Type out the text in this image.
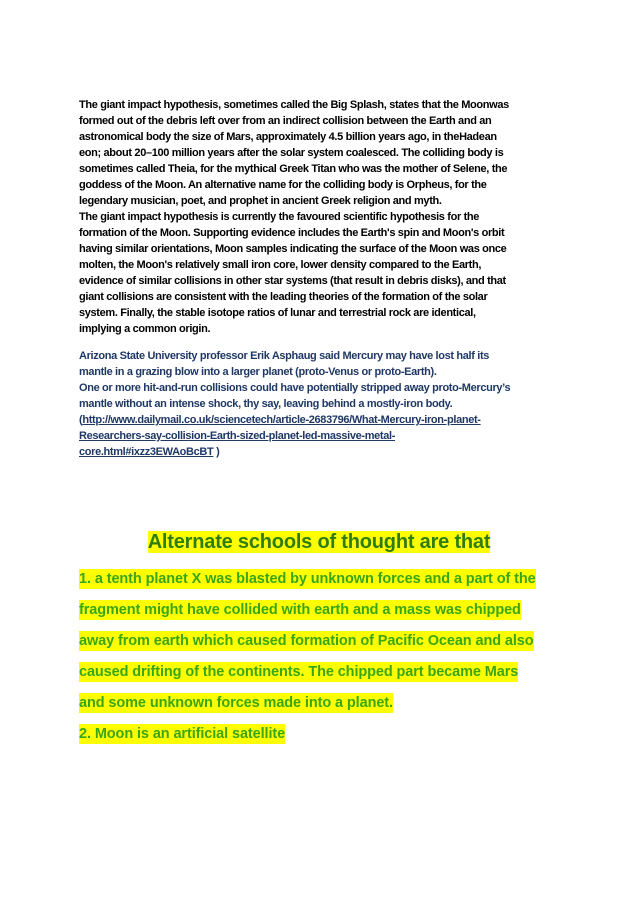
The giant impact hypothesis, sometimes called the Big Splash, states that the Moonwas
formed out of the debris left over from an indirect collision between the Earth and an
astronomical body the size of Mars, approximately 4.5 billion years ago, in theHadean
eon; about 20–100 million years after the solar system coalesced. The colliding body is
sometimes called Theia, for the mythical Greek Titan who was the mother of Selene, the
goddess of the Moon. An alternative name for the colliding body is Orpheus, for the
legendary musician, poet, and prophet in ancient Greek religion and myth.
The giant impact hypothesis is currently the favoured scientific hypothesis for the
formation of the Moon. Supporting evidence includes the Earth's spin and Moon's orbit
having similar orientations, Moon samples indicating the surface of the Moon was once
molten, the Moon's relatively small iron core, lower density compared to the Earth,
evidence of similar collisions in other star systems (that result in debris disks), and that
giant collisions are consistent with the leading theories of the formation of the solar
system. Finally, the stable isotope ratios of lunar and terrestrial rock are identical,
implying a common origin.

Arizona State University professor Erik Asphaug said Mercury may have lost half its
mantle in a grazing blow into a larger planet (proto-Venus or proto-Earth).
One or more hit-and-run collisions could have potentially stripped away proto-Mercury’s
mantle without an intense shock, thy say, leaving behind a mostly-iron body.
(http://www.dailymail.co.uk/sciencetech/article-2683796/What-Mercury-iron-planet-
Researchers-say-collision-Earth-sized-planet-led-massive-metal-
core.html#ixzz3EWAoBcBT )

Alternate schools of thought are that
1. a tenth planet X was blasted by unknown forces and a part of the
fragment might have collided with earth and a mass was chipped
away from earth which caused formation of Pacific Ocean and also
caused drifting of the continents. The chipped part became Mars
and some unknown forces made into a planet.
2. Moon is an artificial satellite
